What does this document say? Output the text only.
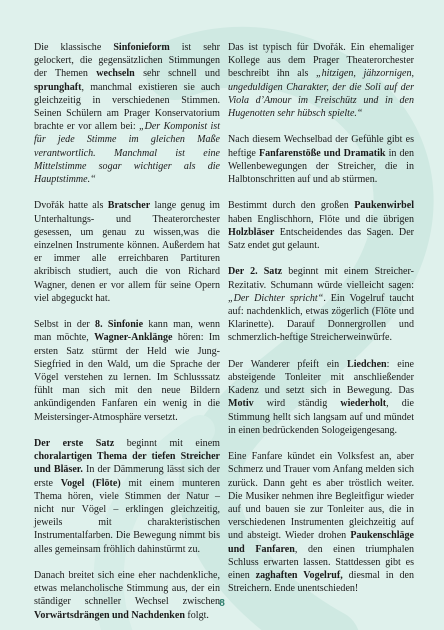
Die klassische Sinfonieform ist sehr gelockert, die gegensätzlichen Stimmungen der Themen wechseln sehr schnell und sprunghaft, manchmal existieren sie auch gleichzeitig in verschiedenen Stimmen. Seinen Schülern am Prager Konservatorium brachte er vor allem bei: „Der Komponist ist für jede Stimme im gleichen Maße verantwortlich. Manchmal ist eine Mittelstimme sogar wichtiger als die Hauptstimme.“

Dvořák hatte als Bratscher lange genug im Unterhaltungs- und Theaterorchester gesessen, um genau zu wissen,was die einzelnen Instrumente können. Außerdem hat er immer alle erreichbaren Partituren akribisch studiert, auch die von Richard Wagner, denen er vor allem für seine Opern viel abgeguckt hat.

Selbst in der 8. Sinfonie kann man, wenn man möchte, Wagner-Anklänge hören: Im ersten Satz stürmt der Held wie Jung-Siegfried in den Wald, um die Sprache der Vögel verstehen zu lernen. Im Schlusssatz fühlt man sich mit den neue Bildern ankündigenden Fanfaren ein wenig in die Meistersinger-Atmosphäre versetzt.

Der erste Satz beginnt mit einem choralartigen Thema der tiefen Streicher und Bläser. In der Dämmerung lässt sich der erste Vogel (Flöte) mit einem munteren Thema hören, viele Stimmen der Natur – nicht nur Vögel – erklingen gleichzeitig, jeweils mit charakteristischen Instrumentalfarben. Die Bewegung nimmt bis alles gemeinsam fröhlich dahinstürmt zu.

Danach breitet sich eine eher nachdenkliche, etwas melancholische Stimmung aus, der ein ständiger schneller Wechsel zwischen Vorwärtsdrängen und Nachdenken folgt.

Das ist typisch für Dvořák. Ein ehemaliger Kollege aus dem Prager Theaterorchester beschreibt ihn als „hitzigen, jähzornigen, ungeduldigen Charakter, der die Soli auf der Viola d’Amour im Freischütz und in den Hugenotten sehr hübsch spielte.“

Nach diesem Wechselbad der Gefühle gibt es heftige Fanfarenstöße und Dramatik in den Wellenbewegungen der Streicher, die in Halbtonschritten auf und ab stürmen.

Bestimmt durch den großen Paukenwirbel haben Englischhorn, Flöte und die übrigen Holzbläser Entscheidendes das Sagen. Der Satz endet gut gelaunt.

Der 2. Satz beginnt mit einem Streicher-Rezitativ. Schumann würde vielleicht sagen: „Der Dichter spricht“. Ein Vogelruf taucht auf: nachdenklich, etwas zögerlich (Flöte und Klarinette). Darauf Donnergrollen und schmerzlich-heftige Streicherweinwürfe.

Der Wanderer pfeift ein Liedchen: eine absteigende Tonleiter mit anschließender Kadenz und setzt sich in Bewegung. Das Motiv wird ständig wiederholt, die Stimmung hellt sich langsam auf und mündet in einen bedrückenden Sologeigengesang.

Eine Fanfare kündet ein Volksfest an, aber Schmerz und Trauer vom Anfang melden sich zurück. Dann geht es aber tröstlich weiter. Die Musiker nehmen ihre Begleitfigur wieder auf und bauen sie zur Tonleiter aus, die in verschiedenen Instrumenten gleichzeitig auf und absteigt. Wieder drohen Paukenschläge und Fanfaren, den einen triumphalen Schluss erwarten lassen. Stattdessen gibt es einen zaghaften Vogelruf, diesmal in den Streichern. Ende unentschieden!

8
